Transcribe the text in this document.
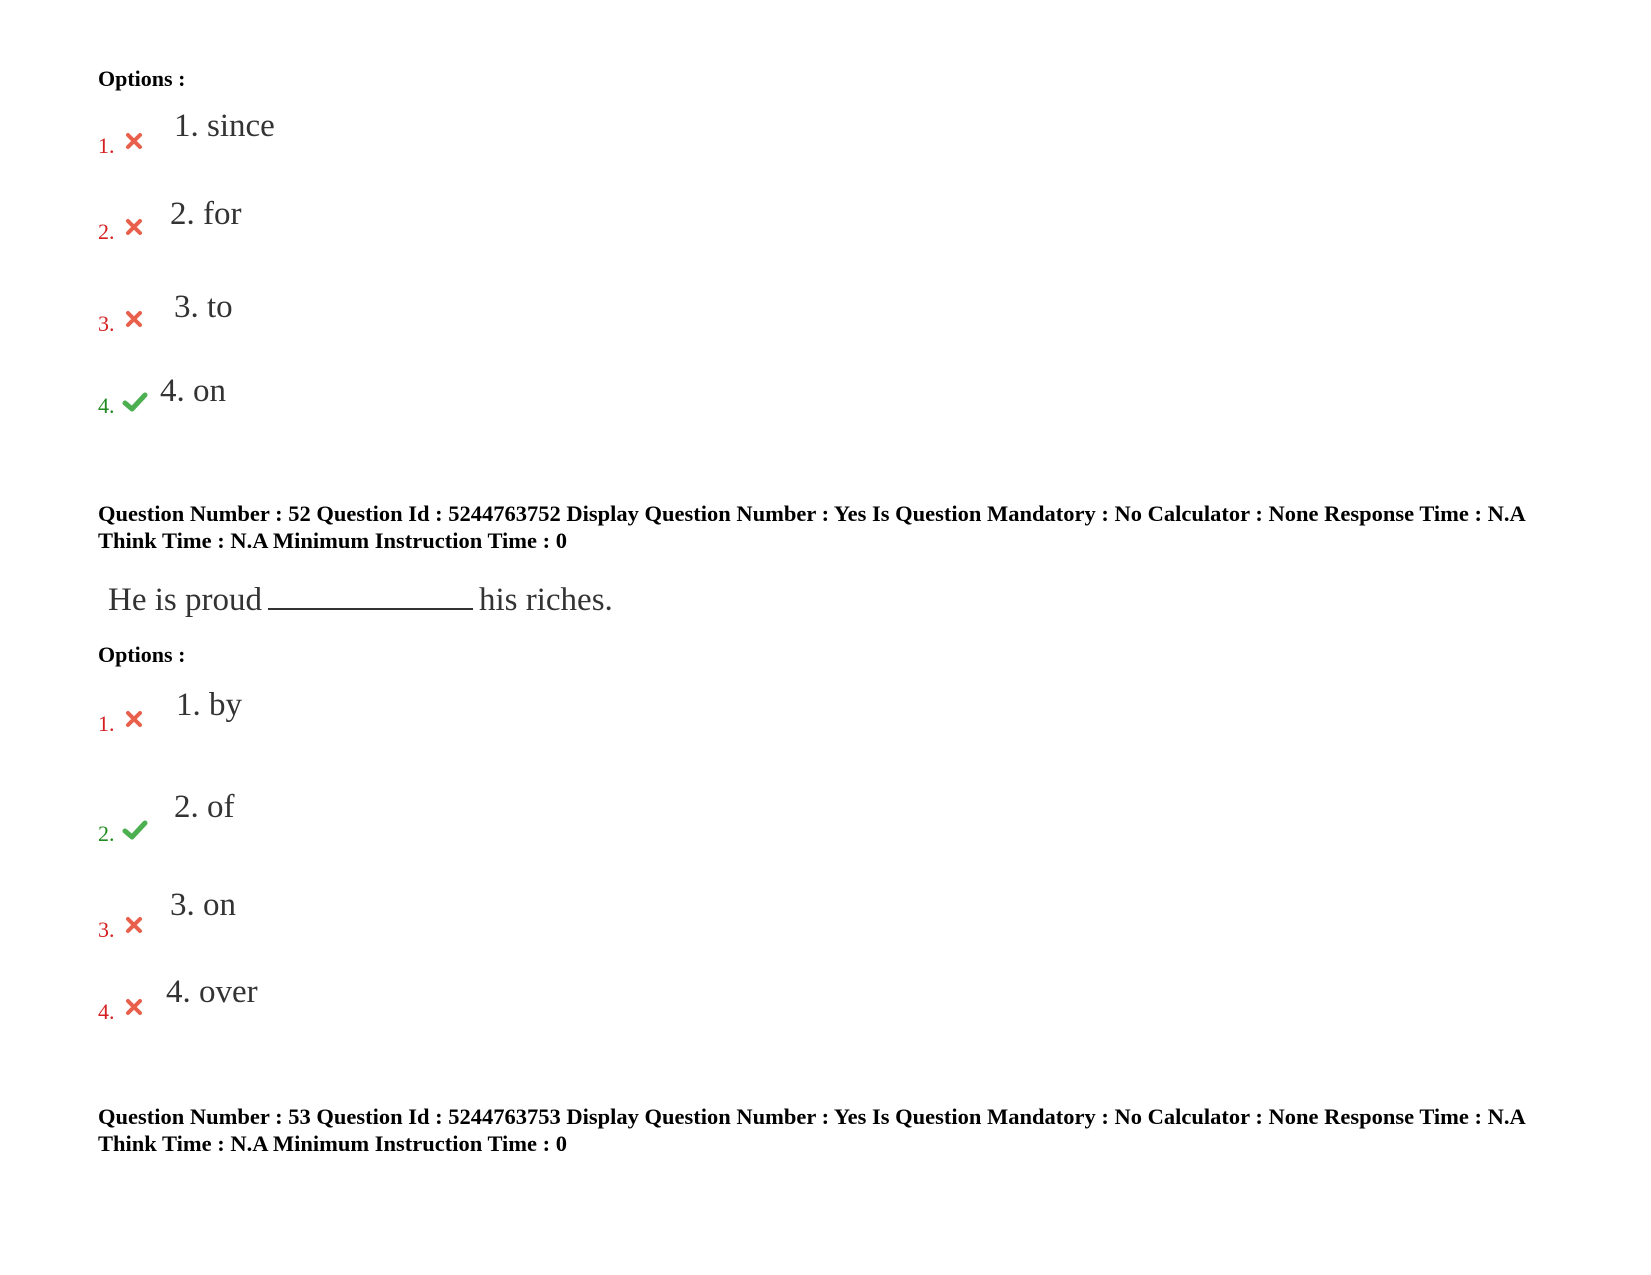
Options :
1.
1. since
2. 2. for
3. 3. to
4. 4. on
Question Number : 52 Question Id : 5244763752 Display Question Number : Yes Is Question Mandatory : No Calculator : None Response Time : N.A Think Time : N.A Minimum Instruction Time : 0
He is proud	his riches.
Options :
1.
1. by
2.
2. of
3.
3. on
4.
4. over
Question Number : 53 Question Id : 5244763753 Display Question Number : Yes Is Question Mandatory : No Calculator : None Response Time : N.A Think Time : N.A Minimum Instruction Time : 0
